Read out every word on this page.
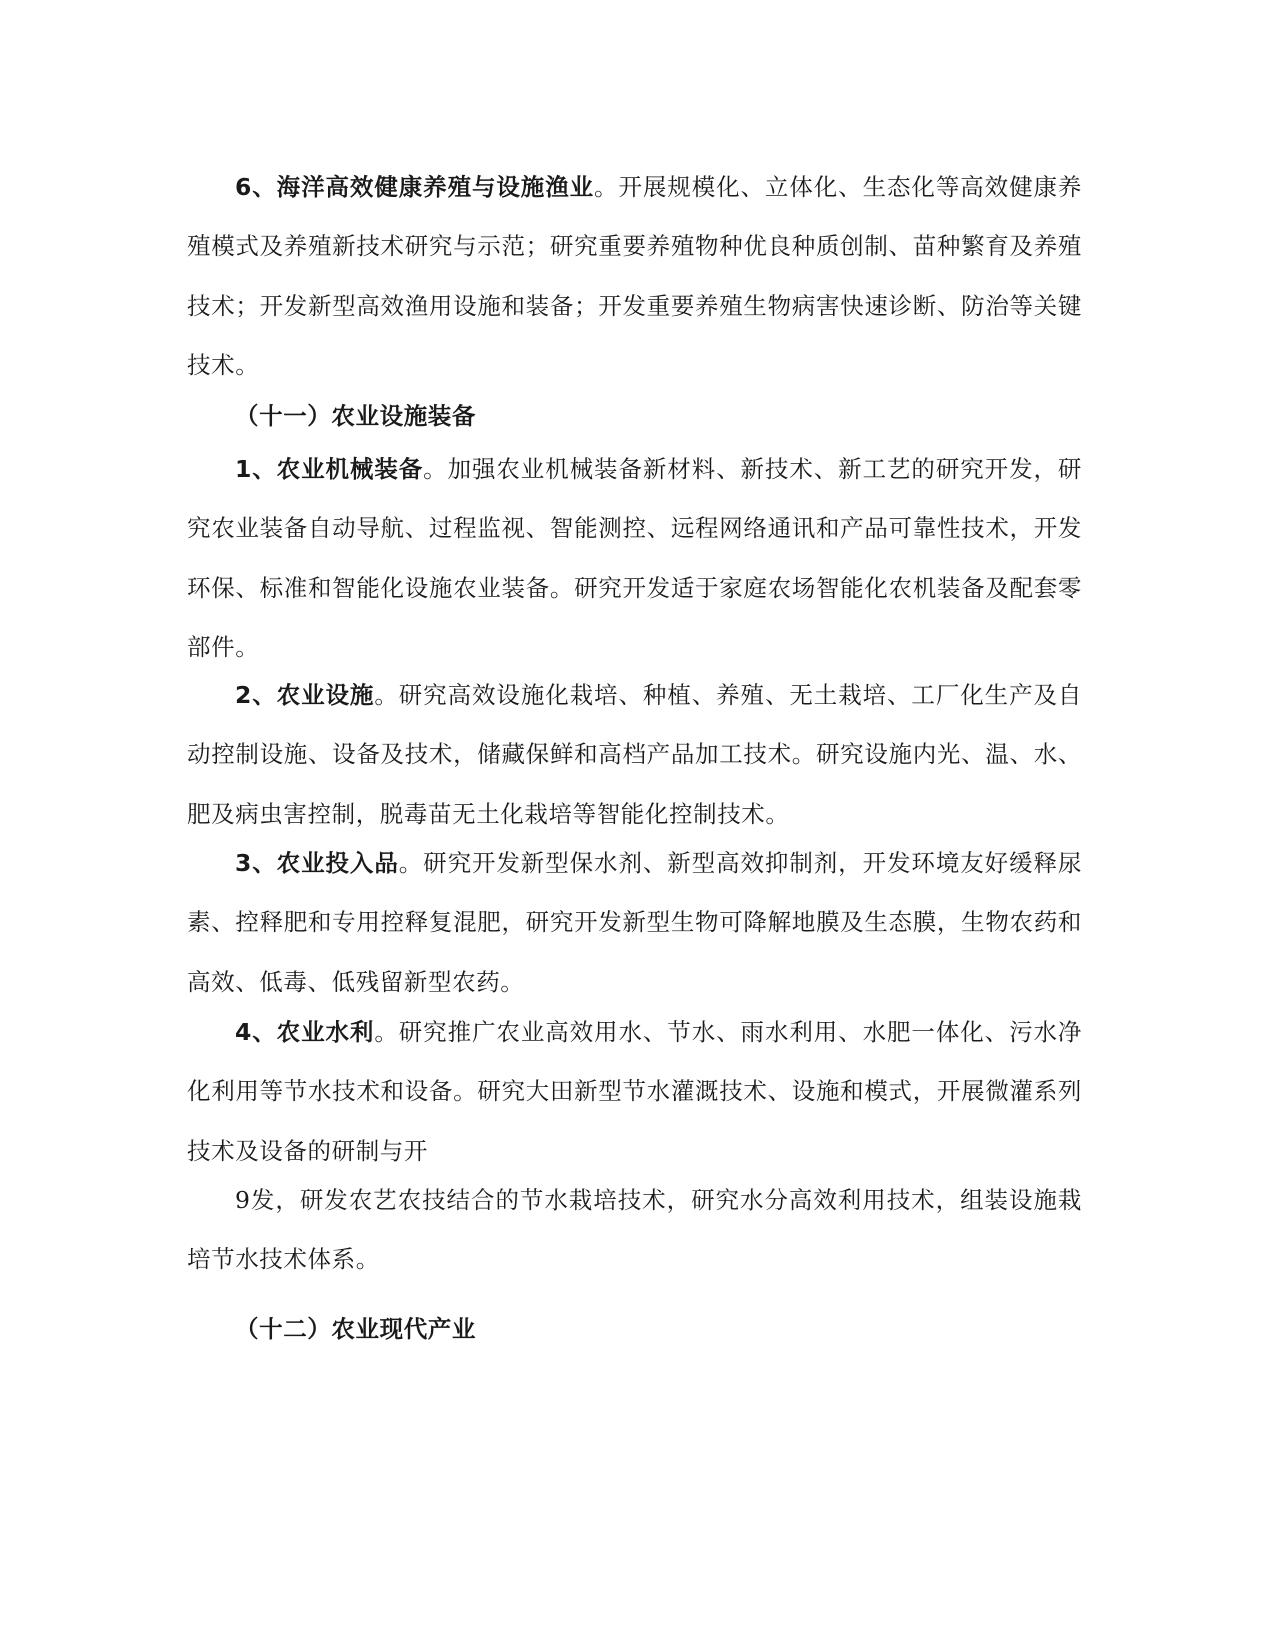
6、海洋高效健康养殖与设施渔业。开展规模化、立体化、生态化等高效健康养殖模式及养殖新技术研究与示范；研究重要养殖物种优良种质创制、苗种繁育及养殖技术；开发新型高效渔用设施和装备；开发重要养殖生物病害快速诊断、防治等关键技术。

（十一）农业设施装备

1、农业机械装备。加强农业机械装备新材料、新技术、新工艺的研究开发，研究农业装备自动导航、过程监视、智能测控、远程网络通讯和产品可靠性技术，开发环保、标准和智能化设施农业装备。研究开发适于家庭农场智能化农机装备及配套零部件。

2、农业设施。研究高效设施化栽培、种植、养殖、无土栽培、工厂化生产及自动控制设施、设备及技术，储藏保鲜和高档产品加工技术。研究设施内光、温、水、肥及病虫害控制，脱毒苗无土化栽培等智能化控制技术。

3、农业投入品。研究开发新型保水剂、新型高效抑制剂，开发环境友好缓释尿素、控释肥和专用控释复混肥，研究开发新型生物可降解地膜及生态膜，生物农药和高效、低毒、低残留新型农药。

4、农业水利。研究推广农业高效用水、节水、雨水利用、水肥一体化、污水净化利用等节水技术和设备。研究大田新型节水灌溉技术、设施和模式，开展微灌系列技术及设备的研制与开

9发，研发农艺农技结合的节水栽培技术，研究水分高效利用技术，组装设施栽培节水技术体系。

（十二）农业现代产业
